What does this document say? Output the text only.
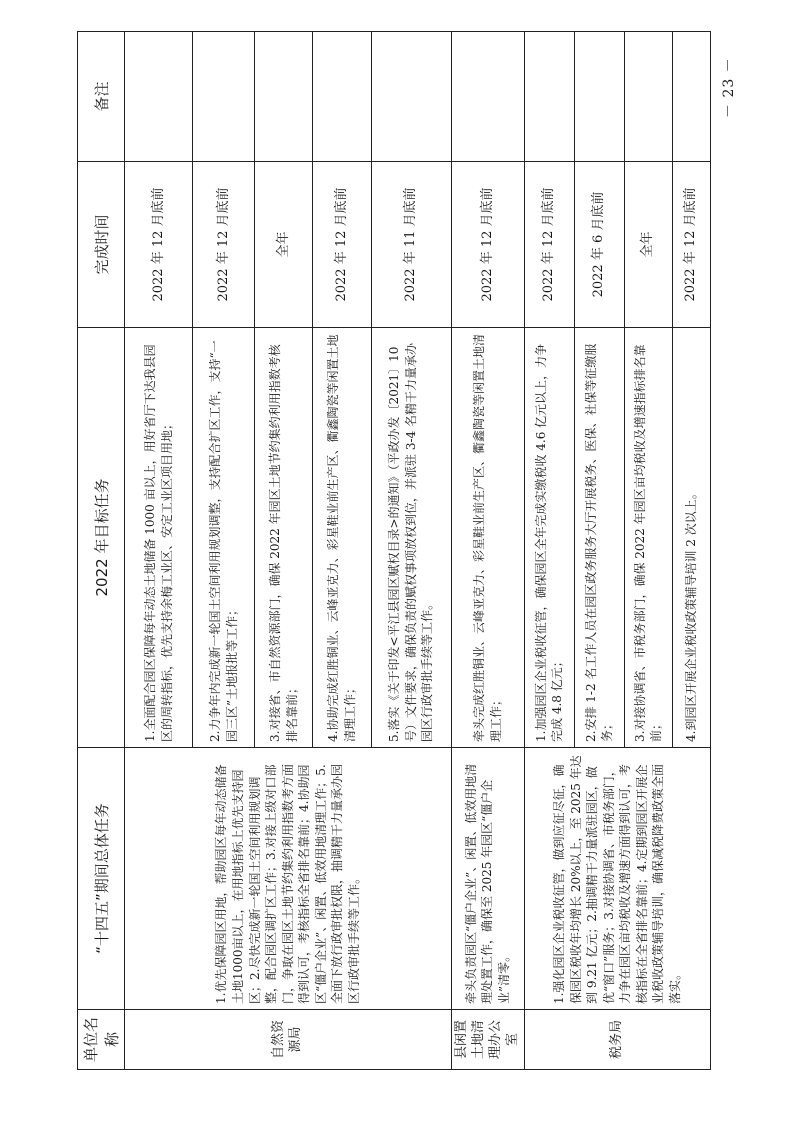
单位名称	“十四五”期间总体任务	2022 年目标任务	完成时间	备注
自然资源局	1.优先保障园区用地，帮助园区每年动态储备土地1000亩以上，在用地指标上优先支持园区；2.尽快完成新一轮国土空间利用规划调整，配合园区调扩区工作；3.对接上级对口部门，争取在园区土地节约集约利用指数考方面得到认可，考核指标全省排名靠前；4.协助园区“僵户企业”、闲置、低效用地清理工作；5.全面下放行政审批权限，抽调精干力量承办园区行政审批手续等工作。	1.全面配合园区保障每年动态土地储备 1000 亩以上，用好省厅下达我县园区的周转指标，优先支持余梅工业区、安定工业区项目用地；	2022 年 12 月底前	
		2.力争年内完成新一轮国土空间利用规划调整，支持配合扩区工作，支持“一园三区”土地报批等工作；	2022 年 12 月底前	
		3.对接省、市自然资源部门，确保 2022 年园区土地节约集约利用指数考核排名靠前；	全年	
		4.协助完成红胜铜业、云峰亚克力、彩星鞋业前生产区、衢鑫陶瓷等闲置土地清理工作；	2022 年 12 月底前	
		5.落实《关于印发<平江县园区赋权目录>的通知》（平政办发〔2021〕10 号）文件要求，确保负责的赋权事项放权到位，并派驻 3-4 名精干力量承办园区行政审批手续等工作。	2022 年 11 月底前	
县闲置土地清理办公室	牵头负责园区“僵户企业”、闲置、低效用地清理处置工作，确保至 2025 年园区“僵户企业”清零。	牵头完成红胜铜业、云峰亚克力、彩星鞋业前生产区、衢鑫陶瓷等闲置土地清理工作；	2022 年 12 月底前	
税务局	1.强化园区企业税收征管，做到应征尽征，确保园区税收年均增长 20%以上，至 2025 年达到 9.21 亿元；2.抽调精干力量派驻园区，做优“窗口”服务；3.对接协调省、市税务部门，力争在园区亩均税收及增速方面得到认可，考核指标在全省排名靠前；4.定期到园区开展企业税收政策辅导培训，确保减税降费政策全面落实。	1.加强园区企业税收征管，确保园区全年完成实缴税收 4.6 亿元以上，力争完成 4.8 亿元；	2022 年 12 月底前	
		2.安排 1-2 名工作人员在园区政务服务大厅开展税务、医保、社保等征缴服务；	2022 年 6 月底前	
		3.对接协调省、市税务部门，确保 2022 年园区亩均税收及增速指标排名靠前；	全年	
		4.到园区开展企业税收政策辅导培训 2 次以上。	2022 年 12 月底前	
－ 23 －
